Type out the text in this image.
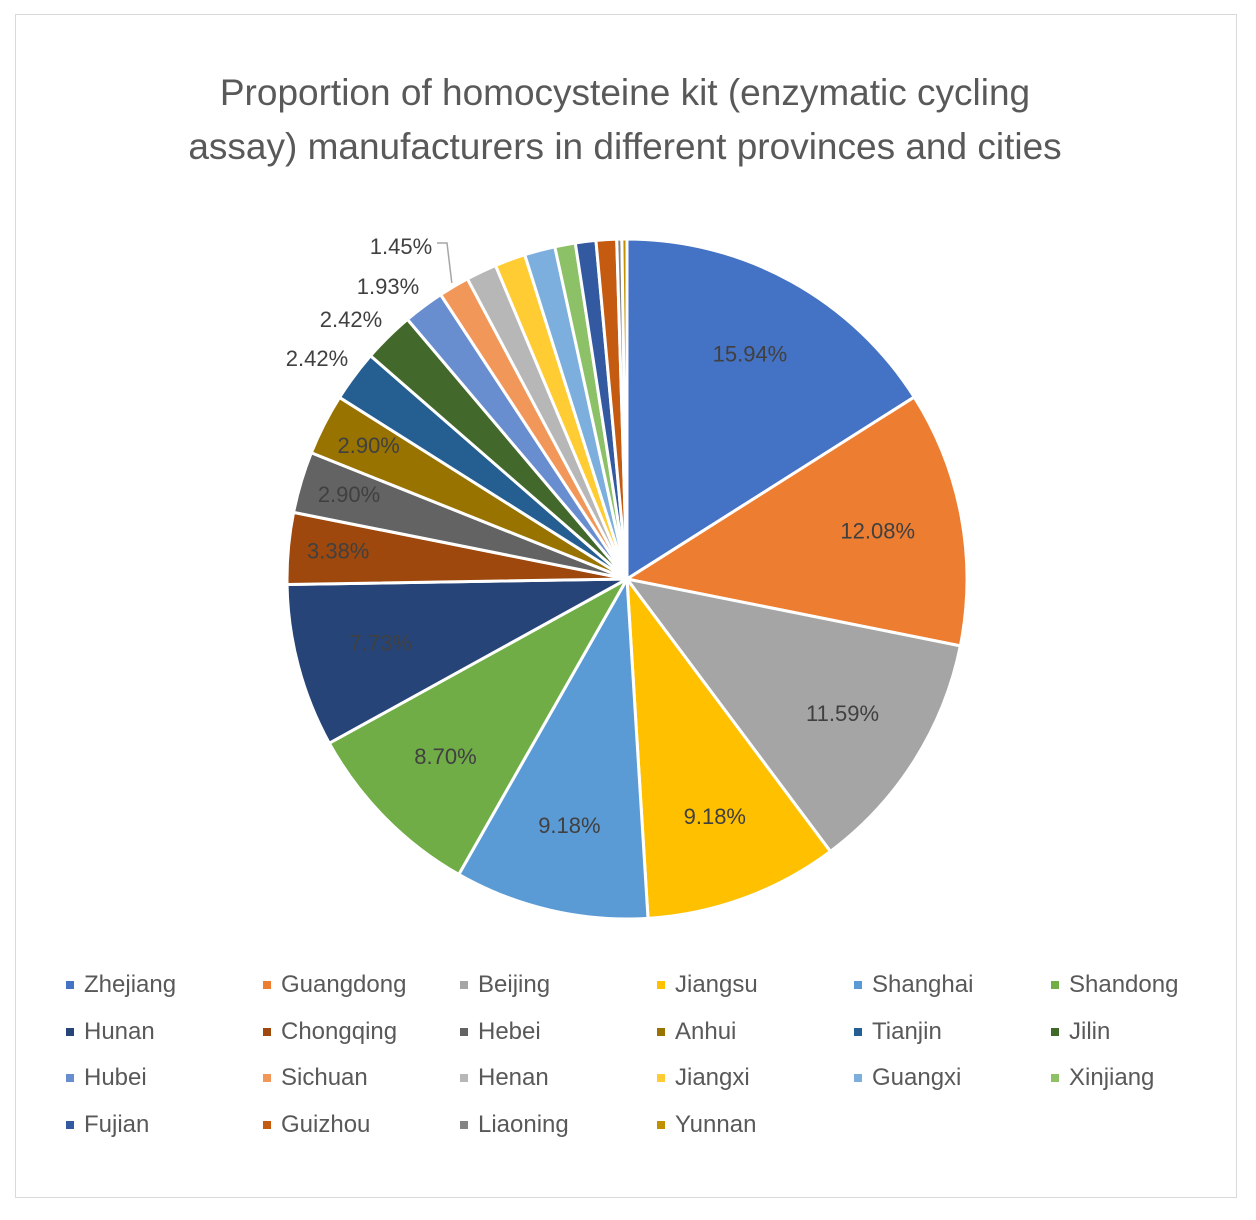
Proportion of homocysteine kit (enzymatic cycling
assay) manufacturers in different provinces and cities
15.94%
12.08%
11.59%
9.18%
9.18%
8.70%
7.73%
3.38%
2.90%
2.90%
2.42%
2.42%
1.93%
1.45%
Zhejiang	Guangdong	Beijing	Jiangsu	Shanghai	Shandong
Hunan	Chongqing	Hebei	Anhui	Tianjin	Jilin
Hubei	Sichuan	Henan	Jiangxi	Guangxi	Xinjiang
Fujian	Guizhou	Liaoning	Yunnan
